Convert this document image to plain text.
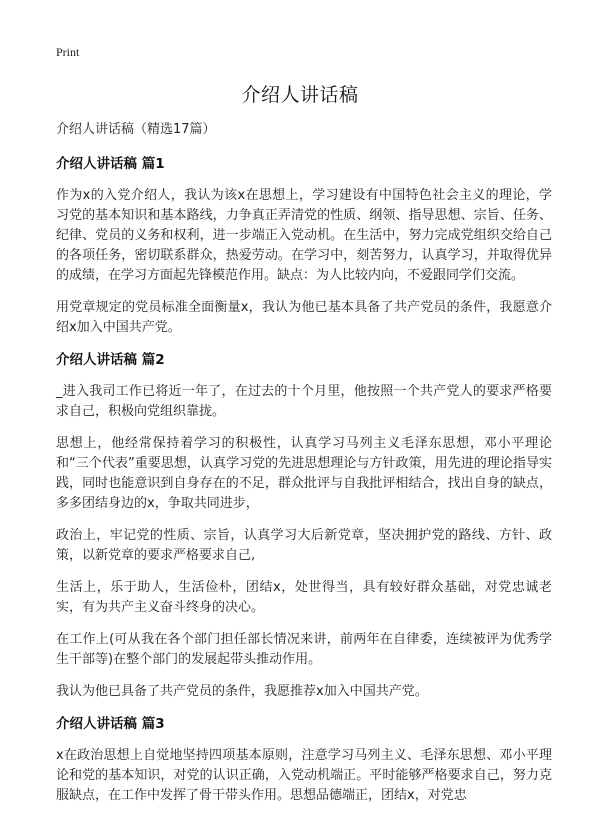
Print
介绍人讲话稿

介绍人讲话稿（精选17篇）

介绍人讲话稿 篇1

作为x的入党介绍人，我认为该x在思想上，学习建设有中国特色社会主义的理论，学习党的基本知识和基本路线，力争真正弄清党的性质、纲领、指导思想、宗旨、任务、纪律、党员的义务和权利，进一步端正入党动机。在生活中，努力完成党组织交给自己的各项任务，密切联系群众，热爱劳动。在学习中，刻苦努力，认真学习，并取得优异的成绩，在学习方面起先锋模范作用。缺点：为人比较内向，不爱跟同学们交流。

用党章规定的党员标准全面衡量x，我认为他已基本具备了共产党员的条件，我愿意介绍x加入中国共产党。

介绍人讲话稿 篇2

_进入我司工作已将近一年了，在过去的十个月里，他按照一个共产党人的要求严格要求自己，积极向党组织靠拢。

思想上，他经常保持着学习的积极性，认真学习马列主义毛泽东思想，邓小平理论和“三个代表”重要思想，认真学习党的先进思想理论与方针政策，用先进的理论指导实践，同时也能意识到自身存在的不足，群众批评与自我批评相结合，找出自身的缺点，多多团结身边的x，争取共同进步，

政治上，牢记党的性质、宗旨，认真学习大后新党章，坚决拥护党的路线、方针、政策，以新党章的要求严格要求自己,

生活上，乐于助人，生活俭朴，团结x，处世得当，具有较好群众基础，对党忠诚老实，有为共产主义奋斗终身的决心。

在工作上(可从我在各个部门担任部长情况来讲，前两年在自律委，连续被评为优秀学生干部等)在整个部门的发展起带头推动作用。

我认为他已具备了共产党员的条件，我愿推荐x加入中国共产党。

介绍人讲话稿 篇3

x在政治思想上自觉地坚持四项基本原则，注意学习马列主义、毛泽东思想、邓小平理论和党的基本知识，对党的认识正确，入党动机端正。平时能够严格要求自己，努力克服缺点，在工作中发挥了骨干带头作用。思想品德端正，团结x，对党忠
